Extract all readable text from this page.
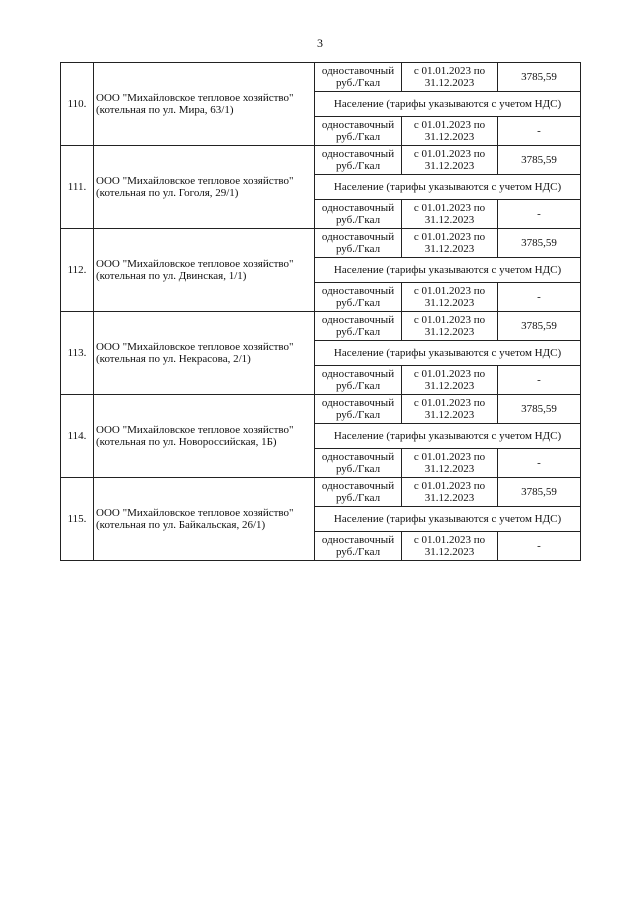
3
110.	ООО "Михайловское тепловое хозяйство" (котельная по ул. Мира, 63/1)	одноставочный руб./Гкал	с 01.01.2023 по 31.12.2023	3785,59
		Население (тарифы указываются с учетом НДС)		
		одноставочный руб./Гкал	с 01.01.2023 по 31.12.2023	-
111.	ООО "Михайловское тепловое хозяйство" (котельная по ул. Гоголя, 29/1)	одноставочный руб./Гкал	с 01.01.2023 по 31.12.2023	3785,59
		Население (тарифы указываются с учетом НДС)		
		одноставочный руб./Гкал	с 01.01.2023 по 31.12.2023	-
112.	ООО "Михайловское тепловое хозяйство" (котельная по ул. Двинская, 1/1)	одноставочный руб./Гкал	с 01.01.2023 по 31.12.2023	3785,59
		Население (тарифы указываются с учетом НДС)		
		одноставочный руб./Гкал	с 01.01.2023 по 31.12.2023	-
113.	ООО "Михайловское тепловое хозяйство" (котельная по ул. Некрасова, 2/1)	одноставочный руб./Гкал	с 01.01.2023 по 31.12.2023	3785,59
		Население (тарифы указываются с учетом НДС)		
		одноставочный руб./Гкал	с 01.01.2023 по 31.12.2023	-
114.	ООО "Михайловское тепловое хозяйство" (котельная по ул. Новороссийская, 1Б)	одноставочный руб./Гкал	с 01.01.2023 по 31.12.2023	3785,59
		Население (тарифы указываются с учетом НДС)		
		одноставочный руб./Гкал	с 01.01.2023 по 31.12.2023	-
115.	ООО "Михайловское тепловое хозяйство" (котельная по ул. Байкальская, 26/1)	одноставочный руб./Гкал	с 01.01.2023 по 31.12.2023	3785,59
		Население (тарифы указываются с учетом НДС)		
		одноставочный руб./Гкал	с 01.01.2023 по 31.12.2023	-
